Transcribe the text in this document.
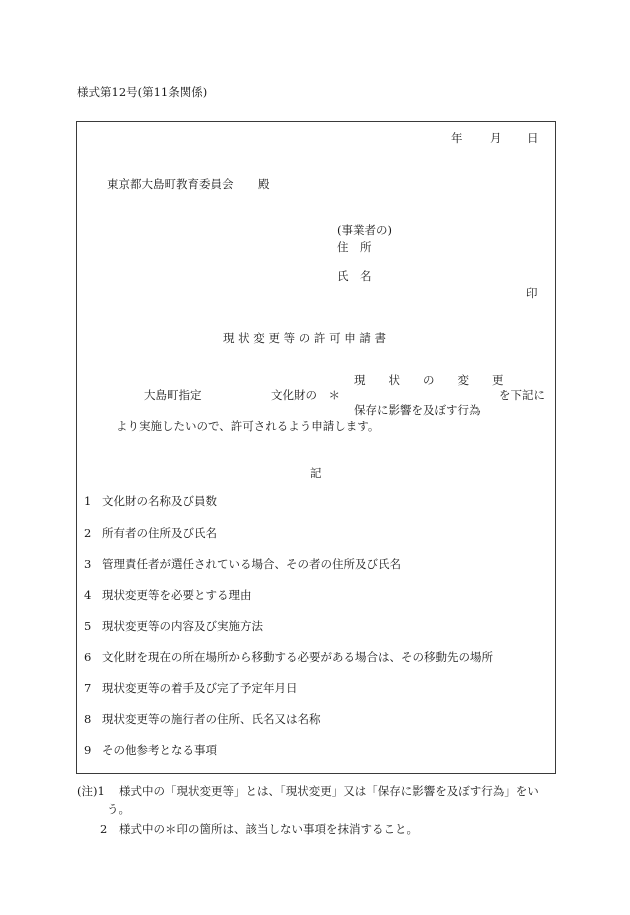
様式第12号(第11条関係)
年 月 日
東京都大島町教育委員会 殿
(事業者の)
住　所
氏　名
印
現 状 変 更 等 の 許 可 申 請 書
現　　状　　の　　変　　更
大島町指定	文化財の　＊	を下記に
保存に影響を及ぼす行為
より実施したいので、許可されるよう申請します。
記
1 文化財の名称及び員数
2 所有者の住所及び氏名
3 管理責任者が選任されている場合、その者の住所及び氏名
4 現状変更等を必要とする理由
5 現状変更等の内容及び実施方法
6 文化財を現在の所在場所から移動する必要がある場合は、その移動先の場所
7 現状変更等の着手及び完了予定年月日
8 現状変更等の施行者の住所、氏名又は名称
9 その他参考となる事項
(注)1 様式中の「現状変更等」とは、「現状変更」又は「保存に影響を及ぼす行為」をい
う。
2 様式中の＊印の箇所は、該当しない事項を抹消すること。
